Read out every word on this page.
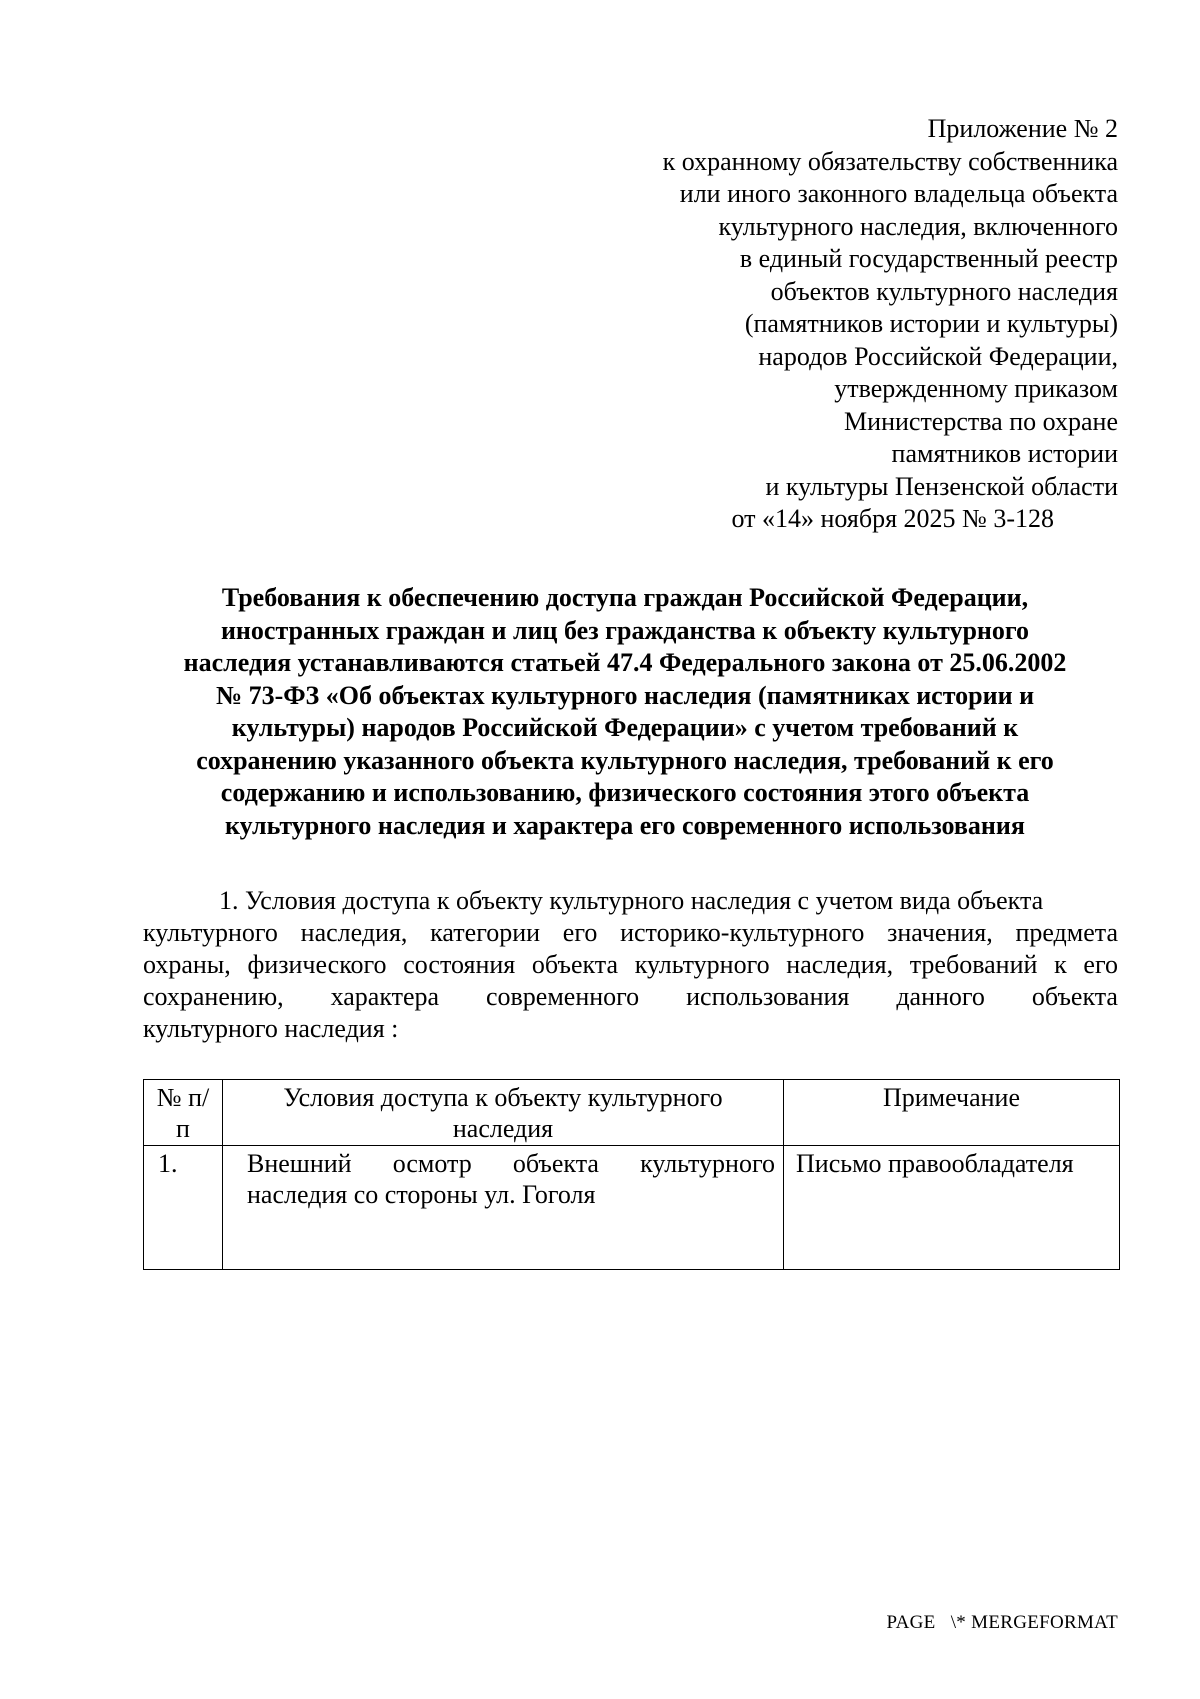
Приложение № 2
к охранному обязательству собственника
или иного законного владельца объекта
культурного наследия, включенного
в единый государственный реестр
объектов культурного наследия
(памятников истории и культуры)
народов Российской Федерации,
утвержденному приказом
Министерства по охране
памятников истории
и культуры Пензенской области
от «14» ноября 2025 № 3-128
Требования к обеспечению доступа граждан Российской Федерации,
иностранных граждан и лиц без гражданства к объекту культурного
наследия устанавливаются статьей 47.4 Федерального закона от 25.06.2002
№ 73-ФЗ «Об объектах культурного наследия (памятниках истории и
культуры) народов Российской Федерации» с учетом требований к
сохранению указанного объекта культурного наследия, требований к его
содержанию и использованию, физического состояния этого объекта
культурного наследия и характера его современного использования
1. Условия доступа к объекту культурного наследия с учетом вида объекта
культурного наследия, категории его историко-культурного значения, предмета
охраны, физического состояния объекта культурного наследия, требований к его
сохранению, характера современного использования данного объекта
культурного наследия :
№ п/п	Условия доступа к объекту культурного наследия	Примечание
1.	Внешний осмотр объекта культурного наследия со стороны ул. Гоголя	Письмо правообладателя
PAGE   \* MERGEFORMAT
